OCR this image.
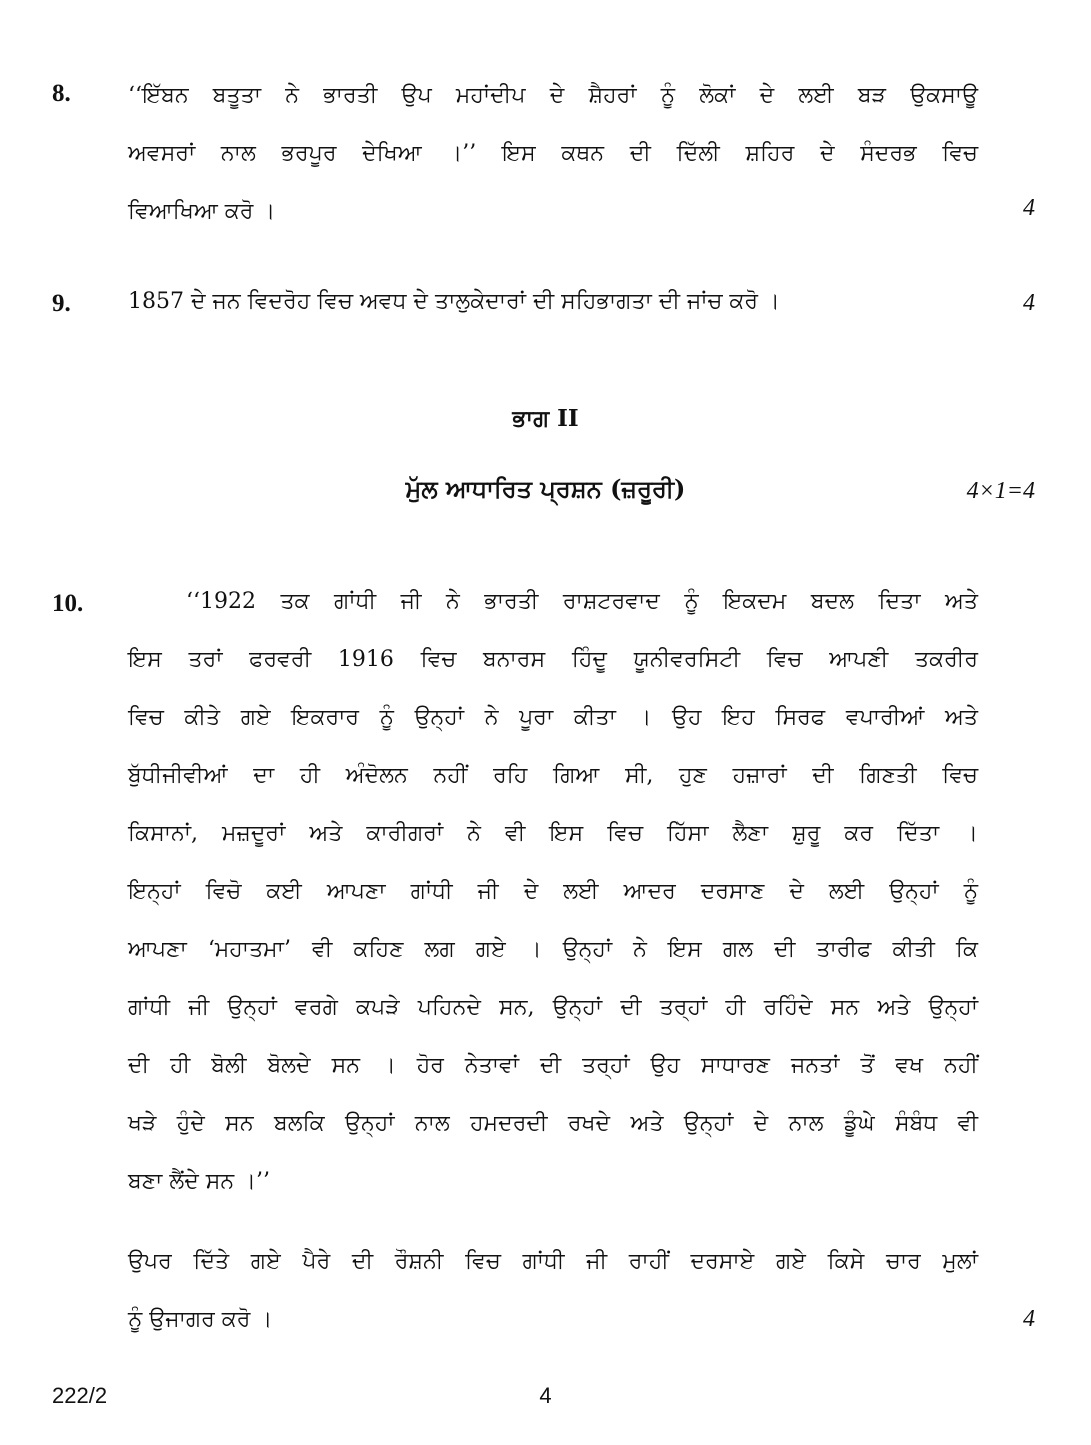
8.	‘‘ਇੱਬਨ ਬਤੂਤਾ ਨੇ ਭਾਰਤੀ ਉਪ ਮਹਾਂਦੀਪ ਦੇ ਸ਼ੈਹਰਾਂ ਨੂੰ ਲੋਕਾਂ ਦੇ ਲਈ ਬੜ ਉਕਸਾਊ
ਅਵਸਰਾਂ ਨਾਲ ਭਰਪੂਰ ਦੇਖਿਆ ।’’ ਇਸ ਕਥਨ ਦੀ ਦਿੱਲੀ ਸ਼ਹਿਰ ਦੇ ਸੰਦਰਭ ਵਿਚ
ਵਿਆਖਿਆ ਕਰੋ ।	4
9.	1857 ਦੇ ਜਨ ਵਿਦਰੋਹ ਵਿਚ ਅਵਧ ਦੇ ਤਾਲੁਕੇਦਾਰਾਂ ਦੀ ਸਹਿਭਾਗਤਾ ਦੀ ਜਾਂਚ ਕਰੋ ।	4
ਭਾਗ II
ਮੁੱਲ ਆਧਾਰਿਤ ਪ੍ਰਸ਼ਨ (ਜ਼ਰੂਰੀ)	4×1=4
10.	‘‘1922 ਤਕ ਗਾਂਧੀ ਜੀ ਨੇ ਭਾਰਤੀ ਰਾਸ਼ਟਰਵਾਦ ਨੂੰ ਇਕਦਮ ਬਦਲ ਦਿਤਾ ਅਤੇ
ਇਸ ਤਰਾਂ ਫਰਵਰੀ 1916 ਵਿਚ ਬਨਾਰਸ ਹਿੰਦੂ ਯੂਨੀਵਰਸਿਟੀ ਵਿਚ ਆਪਣੀ ਤਕਰੀਰ
ਵਿਚ ਕੀਤੇ ਗਏ ਇਕਰਾਰ ਨੂੰ ਉਨ੍ਹਾਂ ਨੇ ਪੂਰਾ ਕੀਤਾ । ਉਹ ਇਹ ਸਿਰਫ ਵਪਾਰੀਆਂ ਅਤੇ
ਬੁੱਧੀਜੀਵੀਆਂ ਦਾ ਹੀ ਅੰਦੋਲਨ ਨਹੀਂ ਰਹਿ ਗਿਆ ਸੀ, ਹੁਣ ਹਜ਼ਾਰਾਂ ਦੀ ਗਿਣਤੀ ਵਿਚ
ਕਿਸਾਨਾਂ, ਮਜ਼ਦੂਰਾਂ ਅਤੇ ਕਾਰੀਗਰਾਂ ਨੇ ਵੀ ਇਸ ਵਿਚ ਹਿੱਸਾ ਲੈਣਾ ਸ਼ੁਰੂ ਕਰ ਦਿੱਤਾ ।
ਇਨ੍ਹਾਂ ਵਿਚੋ ਕਈ ਆਪਣਾ ਗਾਂਧੀ ਜੀ ਦੇ ਲਈ ਆਦਰ ਦਰਸਾਣ ਦੇ ਲਈ ਉਨ੍ਹਾਂ ਨੂੰ
ਆਪਣਾ ‘ਮਹਾਤਮਾ’ ਵੀ ਕਹਿਣ ਲਗ ਗਏ । ਉਨ੍ਹਾਂ ਨੇ ਇਸ ਗਲ ਦੀ ਤਾਰੀਫ ਕੀਤੀ ਕਿ
ਗਾਂਧੀ ਜੀ ਉਨ੍ਹਾਂ ਵਰਗੇ ਕਪੜੇ ਪਹਿਨਦੇ ਸਨ, ਉਨ੍ਹਾਂ ਦੀ ਤਰ੍ਹਾਂ ਹੀ ਰਹਿੰਦੇ ਸਨ ਅਤੇ ਉਨ੍ਹਾਂ
ਦੀ ਹੀ ਬੋਲੀ ਬੋਲਦੇ ਸਨ । ਹੋਰ ਨੇਤਾਵਾਂ ਦੀ ਤਰ੍ਹਾਂ ਉਹ ਸਾਧਾਰਣ ਜਨਤਾਂ ਤੋਂ ਵਖ ਨਹੀਂ
ਖੜੇ ਹੁੰਦੇ ਸਨ ਬਲਕਿ ਉਨ੍ਹਾਂ ਨਾਲ ਹਮਦਰਦੀ ਰਖਦੇ ਅਤੇ ਉਨ੍ਹਾਂ ਦੇ ਨਾਲ ਡੂੰਘੇ ਸੰਬੰਧ ਵੀ
ਬਣਾ ਲੈਂਦੇ ਸਨ ।’’
ਉਪਰ ਦਿੱਤੇ ਗਏ ਪੈਰੇ ਦੀ ਰੌਸ਼ਨੀ ਵਿਚ ਗਾਂਧੀ ਜੀ ਰਾਹੀਂ ਦਰਸਾਏ ਗਏ ਕਿਸੇ ਚਾਰ ਮੁਲਾਂ
ਨੂੰ ਉਜਾਗਰ ਕਰੋ ।	4
222/2	4
